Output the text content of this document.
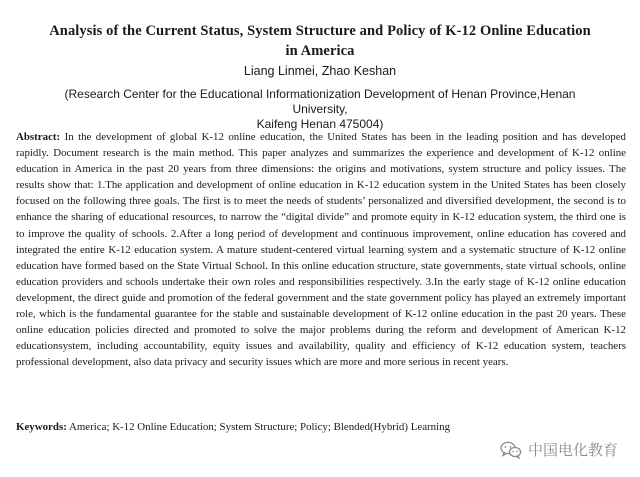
Analysis of the Current Status, System Structure and Policy of K-12 Online Education
in America
Liang Linmei, Zhao Keshan
(Research Center for the Educational Informationization Development of Henan Province,Henan University,
Kaifeng Henan 475004)

Abstract: In the development of global K-12 online education, the United States has been in the leading position and has developed rapidly. Document research is the main method. This paper analyzes and summarizes the experience and development of K-12 online education in America in the past 20 years from three dimensions: the origins and motivations, system structure and policy issues. The results show that: 1.The application and development of online education in K-12 education system in the United States has been closely focused on the following three goals. The first is to meet the needs of students’ personalized and diversified development, the second is to enhance the sharing of educational resources, to narrow the “digital divide” and promote equity in K-12 education system, the third one is to improve the quality of schools. 2.After a long period of development and continuous improvement, online education has covered and integrated the entire K-12 education system. A mature student-centered virtual learning system and a systematic structure of K-12 online education have formed based on the State Virtual School. In this online education structure, state governments, state virtual schools, online education providers and schools undertake their own roles and responsibilities respectively. 3.In the early stage of K-12 online education development, the direct guide and promotion of the federal government and the state government policy has played an extremely important role, which is the fundamental guarantee for the stable and sustainable development of K-12 online education in the past 20 years. These online education policies directed and promoted to solve the major problems during the reform and development of American K-12 educationsystem, including accountability, equity issues and availability, quality and efficiency of K-12 education system, teachers professional development, also data privacy and security issues which are more and more serious in recent years.

Keywords: America; K-12 Online Education; System Structure; Policy; Blended(Hybrid) Learning

中国电化教育
